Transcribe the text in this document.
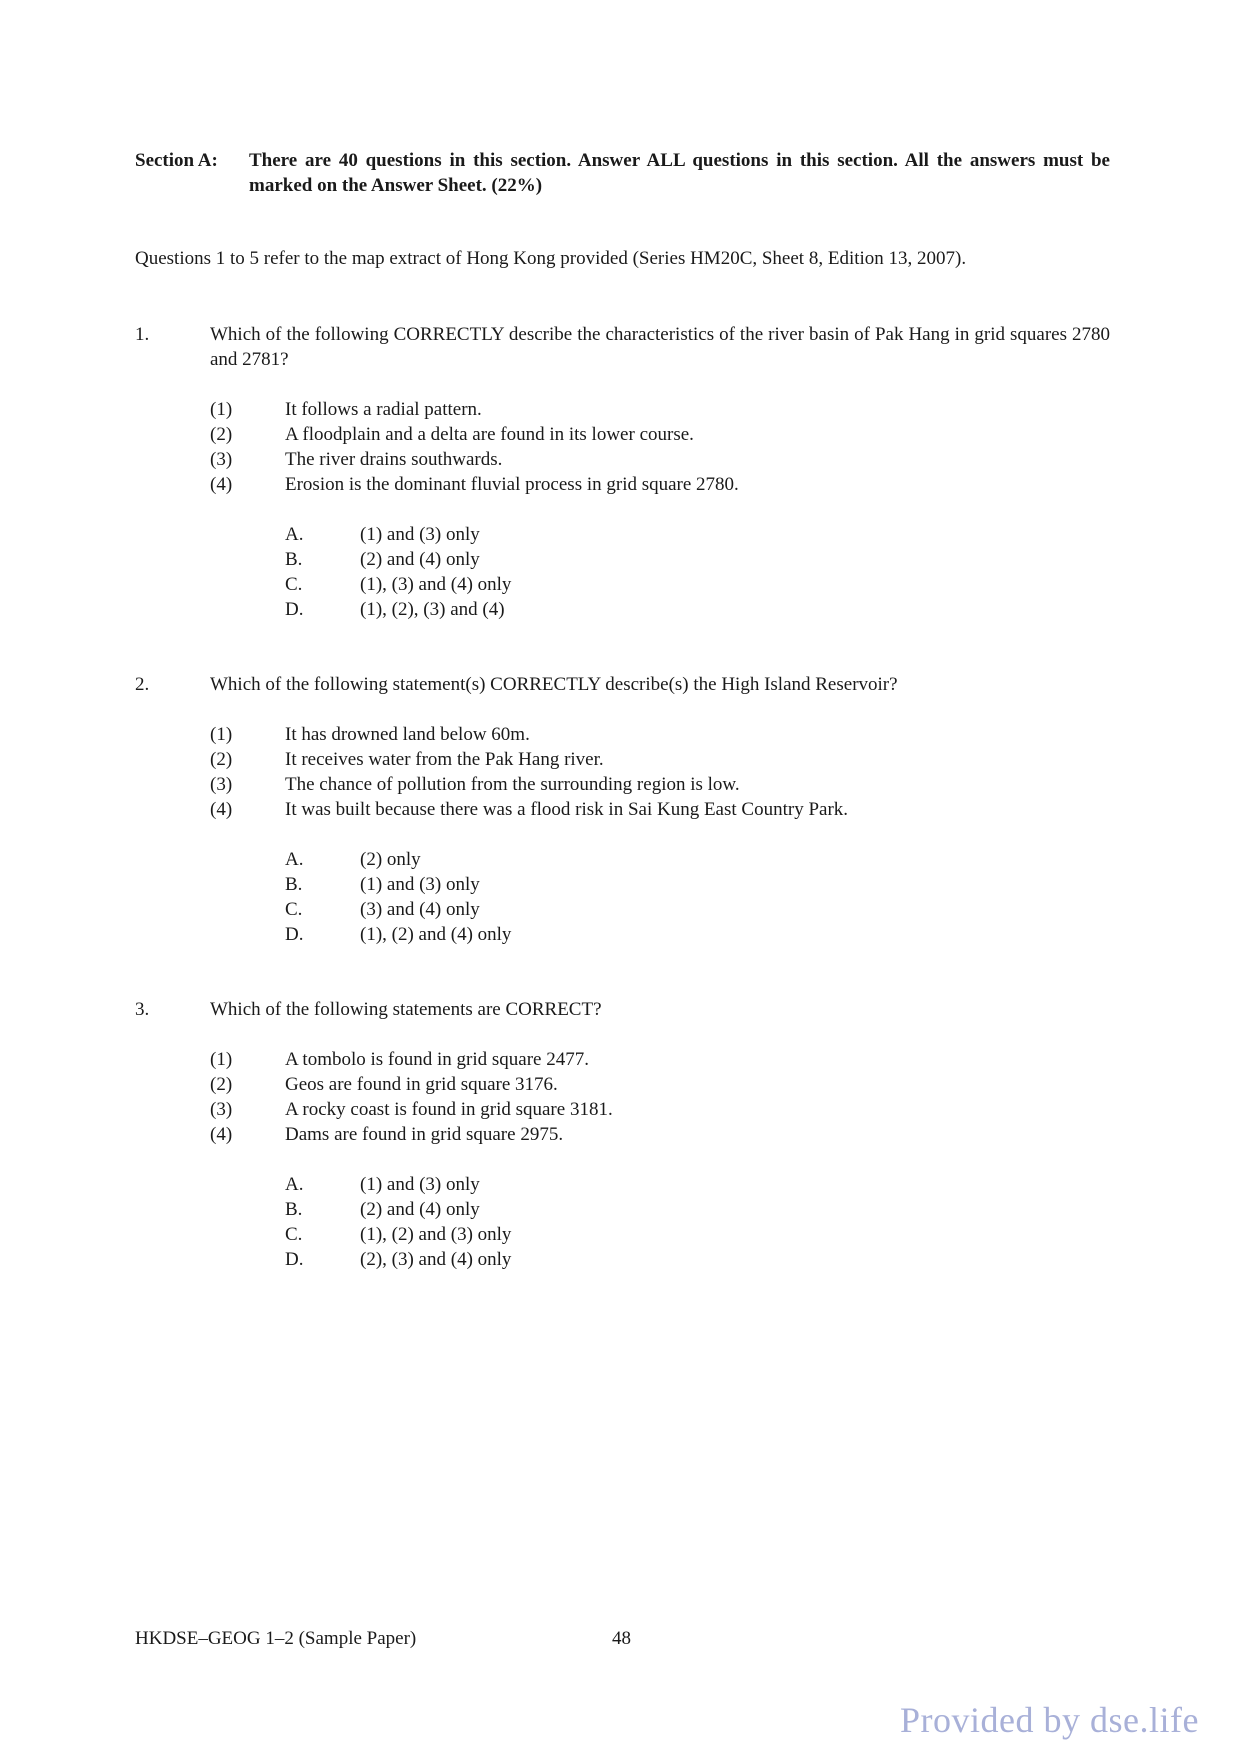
Section A: There are 40 questions in this section. Answer ALL questions in this section. All the answers must be marked on the Answer Sheet. (22%)
Questions 1 to 5 refer to the map extract of Hong Kong provided (Series HM20C, Sheet 8, Edition 13, 2007).
1.	Which of the following CORRECTLY describe the characteristics of the river basin of Pak Hang in grid squares 2780 and 2781?
(1)	It follows a radial pattern.
(2)	A floodplain and a delta are found in its lower course.
(3)	The river drains southwards.
(4)	Erosion is the dominant fluvial process in grid square 2780.
A.	(1) and (3) only
B.	(2) and (4) only
C.	(1), (3) and (4) only
D.	(1), (2), (3) and (4)
2.	Which of the following statement(s) CORRECTLY describe(s) the High Island Reservoir?
(1)	It has drowned land below 60m.
(2)	It receives water from the Pak Hang river.
(3)	The chance of pollution from the surrounding region is low.
(4)	It was built because there was a flood risk in Sai Kung East Country Park.
A.	(2) only
B.	(1) and (3) only
C.	(3) and (4) only
D.	(1), (2) and (4) only
3.	Which of the following statements are CORRECT?
(1)	A tombolo is found in grid square 2477.
(2)	Geos are found in grid square 3176.
(3)	A rocky coast is found in grid square 3181.
(4)	Dams are found in grid square 2975.
A.	(1) and (3) only
B.	(2) and (4) only
C.	(1), (2) and (3) only
D.	(2), (3) and (4) only
HKDSE–GEOG 1–2 (Sample Paper)	48
Provided by dse.life
